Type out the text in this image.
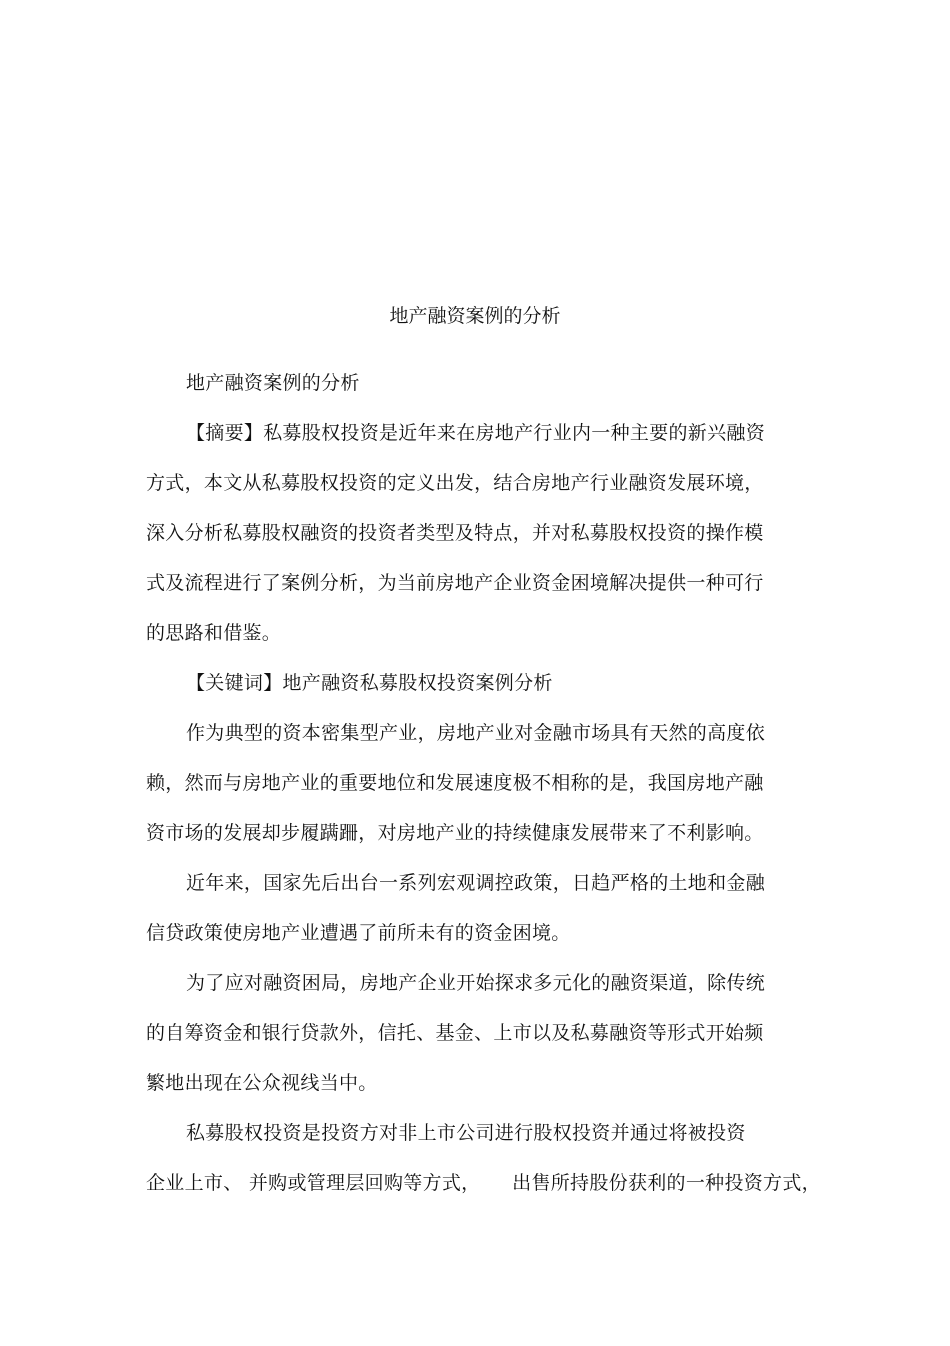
地产融资案例的分析
地产融资案例的分析
【摘要】私募股权投资是近年来在房地产行业内一种主要的新兴融资
方式，本文从私募股权投资的定义出发，结合房地产行业融资发展环境，
深入分析私募股权融资的投资者类型及特点，并对私募股权投资的操作模
式及流程进行了案例分析，为当前房地产企业资金困境解决提供一种可行
的思路和借鉴。
【关键词】地产融资私募股权投资案例分析
作为典型的资本密集型产业，房地产业对金融市场具有天然的高度依
赖，然而与房地产业的重要地位和发展速度极不相称的是，我国房地产融
资市场的发展却步履蹒跚，对房地产业的持续健康发展带来了不利影响。
近年来，国家先后出台一系列宏观调控政策，日趋严格的土地和金融
信贷政策使房地产业遭遇了前所未有的资金困境。
为了应对融资困局，房地产企业开始探求多元化的融资渠道，除传统
的自筹资金和银行贷款外，信托、基金、上市以及私募融资等形式开始频
繁地出现在公众视线当中。
私募股权投资是投资方对非上市公司进行股权投资并通过将被投资
企业上市、 并购或管理层回购等方式，     出售所持股份获利的一种投资方式，
